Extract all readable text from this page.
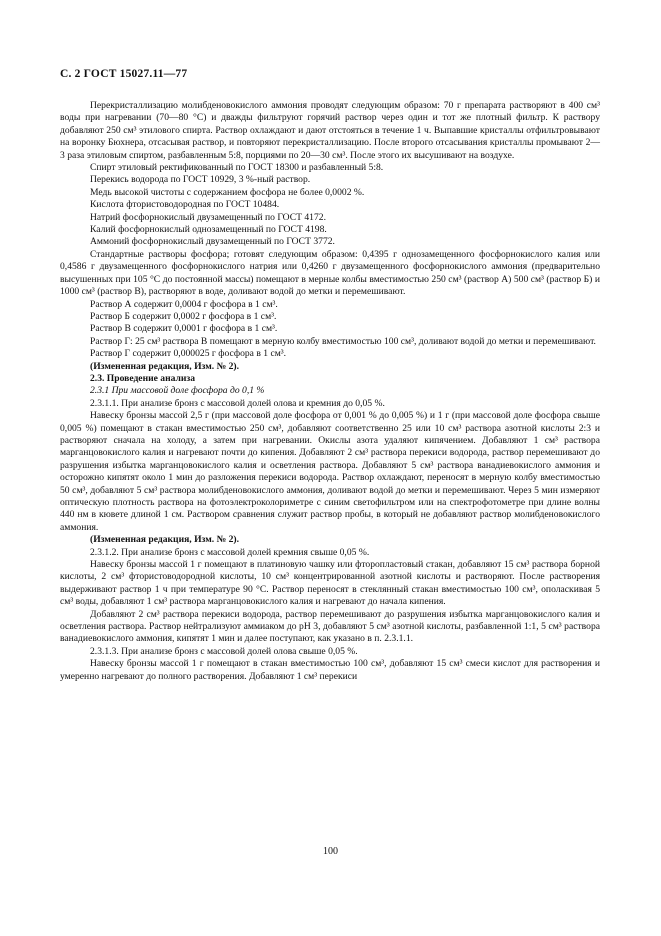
С. 2 ГОСТ 15027.11—77

Перекристаллизацию молибденовокислого аммония проводят следующим образом: 70 г препарата растворяют в 400 см³ воды при нагревании (70—80 °С) и дважды фильтруют горячий раствор через один и тот же плотный фильтр. К раствору добавляют 250 см³ этилового спирта. Раствор охлаждают и дают отстояться в течение 1 ч. Выпавшие кристаллы отфильтровывают на воронку Бюхнера, отсасывая раствор, и повторяют перекристаллизацию. После второго отсасывания кристаллы промывают 2—3 раза этиловым спиртом, разбавленным 5:8, порциями по 20—30 см³. После этого их высушивают на воздухе.

Спирт этиловый ректификованный по ГОСТ 18300 и разбавленный 5:8.

Перекись водорода по ГОСТ 10929, 3 %-ный раствор.

Медь высокой чистоты с содержанием фосфора не более 0,0002 %.

Кислота фтористоводородная по ГОСТ 10484.

Натрий фосфорнокислый двузамещенный по ГОСТ 4172.

Калий фосфорнокислый однозамещенный по ГОСТ 4198.

Аммоний фосфорнокислый двузамещенный по ГОСТ 3772.

Стандартные растворы фосфора; готовят следующим образом: 0,4395 г однозамещенного фосфорнокислого калия или 0,4586 г двузамещенного фосфорнокислого натрия или 0,4260 г двузамещенного фосфорнокислого аммония (предварительно высушенных при 105 °С до постоянной массы) помещают в мерные колбы вместимостью 250 см³ (раствор А) 500 см³ (раствор Б) и 1000 см³ (раствор В), растворяют в воде, доливают водой до метки и перемешивают.

Раствор А содержит 0,0004 г фосфора в 1 см³.

Раствор Б содержит 0,0002 г фосфора в 1 см³.

Раствор В содержит 0,0001 г фосфора в 1 см³.

Раствор Г: 25 см³ раствора В помещают в мерную колбу вместимостью 100 см³, доливают водой до метки и перемешивают.

Раствор Г содержит 0,000025 г фосфора в 1 см³.

(Измененная редакция, Изм. № 2).

2.3. Проведение анализа

2.3.1 При массовой доле фосфора до 0,1 %

2.3.1.1. При анализе бронз с массовой долей олова и кремния до 0,05 %.

Навеску бронзы массой 2,5 г (при массовой доле фосфора от 0,001 % до 0,005 %) и 1 г (при массовой доле фосфора свыше 0,005 %) помещают в стакан вместимостью 250 см³, добавляют соответственно 25 или 10 см³ раствора азотной кислоты 2:3 и растворяют сначала на холоду, а затем при нагревании. Окислы азота удаляют кипячением. Добавляют 1 см³ раствора марганцовокислого калия и нагревают почти до кипения. Добавляют 2 см³ раствора перекиси водорода, раствор перемешивают до разрушения избытка марганцовокислого калия и осветления раствора. Добавляют 5 см³ раствора ванадиевокислого аммония и осторожно кипятят около 1 мин до разложения перекиси водорода. Раствор охлаждают, переносят в мерную колбу вместимостью 50 см³, добавляют 5 см³ раствора молибденовокислого аммония, доливают водой до метки и перемешивают. Через 5 мин измеряют оптическую плотность раствора на фотоэлектроколориметре с синим светофильтром или на спектрофотометре при длине волны 440 нм в кювете длиной 1 см. Раствором сравнения служит раствор пробы, в который не добавляют раствор молибденовокислого аммония.

(Измененная редакция, Изм. № 2).

2.3.1.2. При анализе бронз с массовой долей кремния свыше 0,05 %.

Навеску бронзы массой 1 г помещают в платиновую чашку или фторопластовый стакан, добавляют 15 см³ раствора борной кислоты, 2 см³ фтористоводородной кислоты, 10 см³ концентрированной азотной кислоты и растворяют. После растворения выдерживают раствор 1 ч при температуре 90 °С. Раствор переносят в стеклянный стакан вместимостью 100 см³, ополаскивая 5 см³ воды, добавляют 1 см³ раствора марганцовокислого калия и нагревают до начала кипения.

Добавляют 2 см³ раствора перекиси водорода, раствор перемешивают до разрушения избытка марганцовокислого калия и осветления раствора. Раствор нейтрализуют аммиаком до рН 3, добавляют 5 см³ азотной кислоты, разбавленной 1:1, 5 см³ раствора ванадиевокислого аммония, кипятят 1 мин и далее поступают, как указано в п. 2.3.1.1.

2.3.1.3. При анализе бронз с массовой долей олова свыше 0,05 %.

Навеску бронзы массой 1 г помещают в стакан вместимостью 100 см³, добавляют 15 см³ смеси кислот для растворения и умеренно нагревают до полного растворения. Добавляют 1 см³ перекиси

100
